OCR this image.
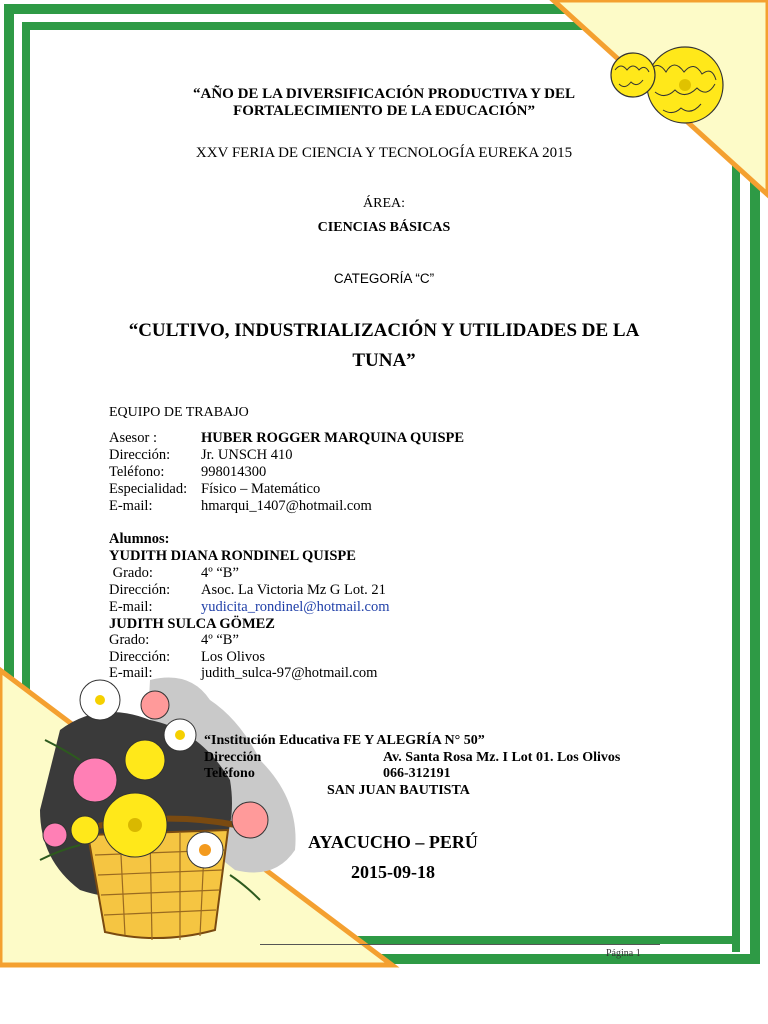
“AÑO DE LA DIVERSIFICACIÓN PRODUCTIVA Y DEL
FORTALECIMIENTO DE LA EDUCACIÓN”
XXV FERIA DE CIENCIA Y TECNOLOGÍA EUREKA 2015
ÁREA:
CIENCIAS BÁSICAS
CATEGORÍA “C”
“CULTIVO, INDUSTRIALIZACIÓN Y UTILIDADES DE LA
TUNA”
EQUIPO DE TRABAJO
Asesor :	HUBER ROGGER MARQUINA QUISPE
Dirección: Jr. UNSCH 410
Teléfono:	998014300
Especialidad: Físico – Matemático
E-mail:	hmarqui_1407@hotmail.com
Alumnos:
YUDITH DIANA RONDINEL QUISPE
Grado:	4º “B”
Dirección: Asoc. La Victoria Mz G Lot. 21
E-mail:	yudicita_rondinel@hotmail.com
JUDITH SULCA GÖMEZ
Grado:	4º “B”
Dirección: Los Olivos
E-mail:	judith_sulca-97@hotmail.com
“Institución Educativa FE Y ALEGRÍA N° 50”
Dirección	Av. Santa Rosa Mz. I Lot 01. Los Olivos
Teléfono	066-312191
SAN JUAN BAUTISTA
AYACUCHO – PERÚ
2015-09-18
Página 1
